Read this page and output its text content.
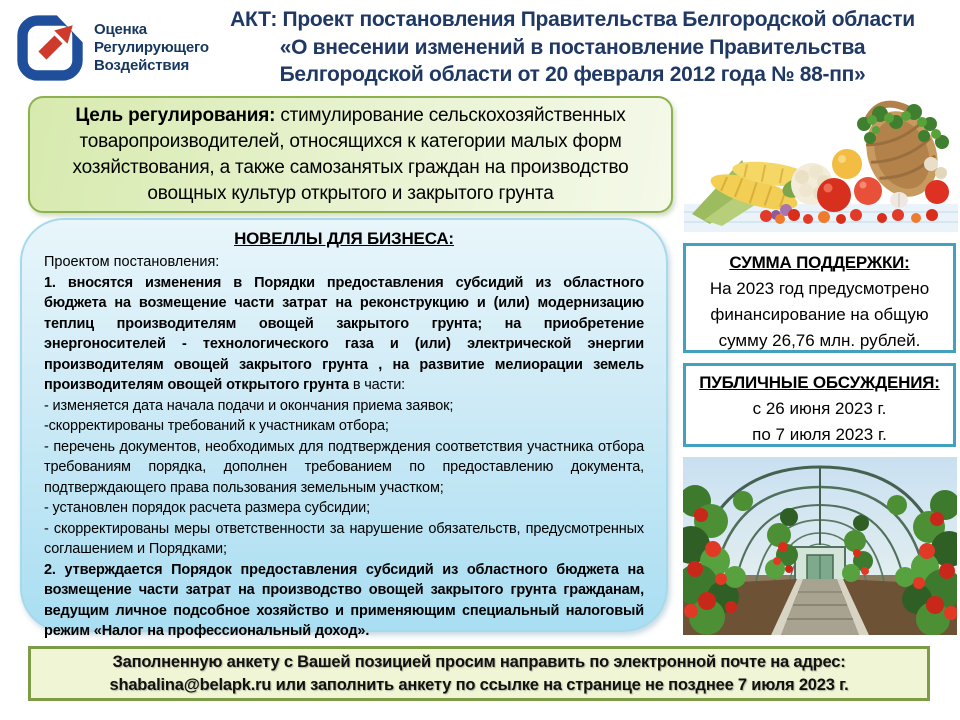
Оценка
Регулирующего
Воздействия
АКТ: Проект постановления Правительства Белгородской области
«О внесении изменений в постановление Правительства
Белгородской области от 20 февраля 2012 года № 88-пп»
Цель регулирования: стимулирование сельскохозяйственных товаропроизводителей, относящихся к категории малых форм хозяйствования, а также самозанятых граждан на производство овощных культур открытого и закрытого грунта
НОВЕЛЛЫ ДЛЯ БИЗНЕСА:
Проектом постановления:

1. вносятся изменения в Порядки предоставления субсидий из областного бюджета на возмещение части затрат на реконструкцию и (или) модернизацию теплиц производителям овощей закрытого грунта; на приобретение энергоносителей - технологического газа и (или) электрической энергии производителям овощей закрытого грунта , на развитие мелиорации земель производителям овощей открытого грунта в части:

- изменяется дата начала подачи и окончания приема заявок;

-скорректированы требований к участникам отбора;

- перечень документов, необходимых для подтверждения соответствия участника отбора требованиям порядка, дополнен требованием по предоставлению документа, подтверждающего права пользования земельным участком;

- установлен порядок расчета размера субсидии;

- скорректированы меры ответственности за нарушение обязательств, предусмотренных соглашением и Порядками;

2. утверждается Порядок предоставления субсидий из областного бюджета на возмещение части затрат на производство овощей закрытого грунта гражданам, ведущим личное подсобное хозяйство и применяющим специальный налоговый режим «Налог на профессиональный доход».

СУММА ПОДДЕРЖКИ:
На 2023 год предусмотрено
финансирование на общую
сумму 26,76 млн. рублей.
ПУБЛИЧНЫЕ ОБСУЖДЕНИЯ:
с 26 июня 2023 г.
по 7 июля 2023 г.
Заполненную анкету с Вашей позицией просим направить по электронной почте на адрес:
shabalina@belapk.ru или заполнить анкету по ссылке на странице не позднее 7 июля 2023 г.
